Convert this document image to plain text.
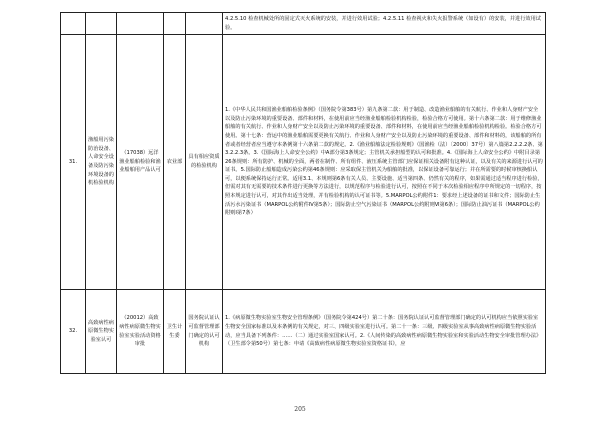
					4.2.5.10 检查机械处所的固定式灭火系统的安装，并进行效用试验；4.2.5.11 检查视火和失火报警系统（如设有）的安装，并进行效用试验。
31.	渔船用污染防治设备、人命安全设备及防污染环境设备的机检验机构	（17038）远洋渔业船舶检验和渔业船舶用产品认可	农业部	具有相应资质的检验机构	1.《中华人民共和国渔业船舶检验条例》（国务院令第383号）第九条第二款：用于制造、改造渔业船舶的有关航行、作业和人身财产安全以及防止污染环境的重要设备、部件和材料，在使用前应当经渔业船舶检验机构检验，检验合格方可使用。第十六条第二款：用于维修渔业船舶的有关航行、作业和人身财产安全以及防止污染环境的重要设备、部件和材料，在使用前应当经渔业船舶检验机构检验。检验合格方可使用。第十七条：营运中的渔业船舶需要更换有关航行、作业和人身财产安全以及防止污染环境的重要设备、部件和材料的，该船舶的所有者或者经营者应当遵守本条例第十六条第二款的规定。2.《渔业船舶法定检验规则》（国渔检（法）〔2000〕37号）第八篇第2.2.2.2条、第3.2.2.3条。3.《国际海上人命安全公约》中A部分第3条规定；主管机关承担船型的认可和批准。4.《国际海上人命安全公约》中附目录第26条规则：所有防护、机械的全面，两者在制作、所有组件、液压系统主管部门应保证相关设备附有这种认证，以及有关的来源进行认可的证书。5.国际防止船舶造成污染公约第46条规则：应采取保主管机关为船舶的批准，以保证设备可靠运行；并在所需要的时候审核换船认可，以便系统保持运行正常。适用3.1、本规则第6条有关人员、主要设施、适当第四条、仍然有关的程序，如果需通过适当程序进行检验，但需对其有无需要的技术条件进行更换等方法进行，以规范程序与检验进行认可，按照在不同于本次检验相应程序中所规定的一切程序，按照本规定进行认可，对其作出适当处理，并有检验机构的认可证书等。5.MARPOL公约附件1：要求经上述设备的证书和文件；国际防止生活污水污染证书（MARPOL公约附件Ⅳ第5条）；国际防止空气污染证书（MARPOL公约附则Ⅵ第6条）；国际防止油污证书（MARPOL公约附则Ⅰ第7条）
32.	高致病性病原微生物实验室认可	（20012）高致病性病原微生物实验室实验活动资格审批	卫生计生委	国务院认证认可监督管理部门确定的认可机构	1.《病原微生物实验室生物安全管理条例》（国务院令第424号）第二十条：国务院认证认可监督管理部门确定的认可机构应当依照实验室生物安全国家标准以及本条例的有关规定，对三、四级实验室进行认可。第二十一条：三级、四级实验室从事高致病性病原微生物实验活动，应当具备下列条件：……（二）通过实验室国家认可。2.《人间传染的高致病性病原微生物实验室和实验活动生物安全审批管理办法》（卫生部令第50号）第七条：申请《高致病性病原微生物实验室资格证书》，应
205
